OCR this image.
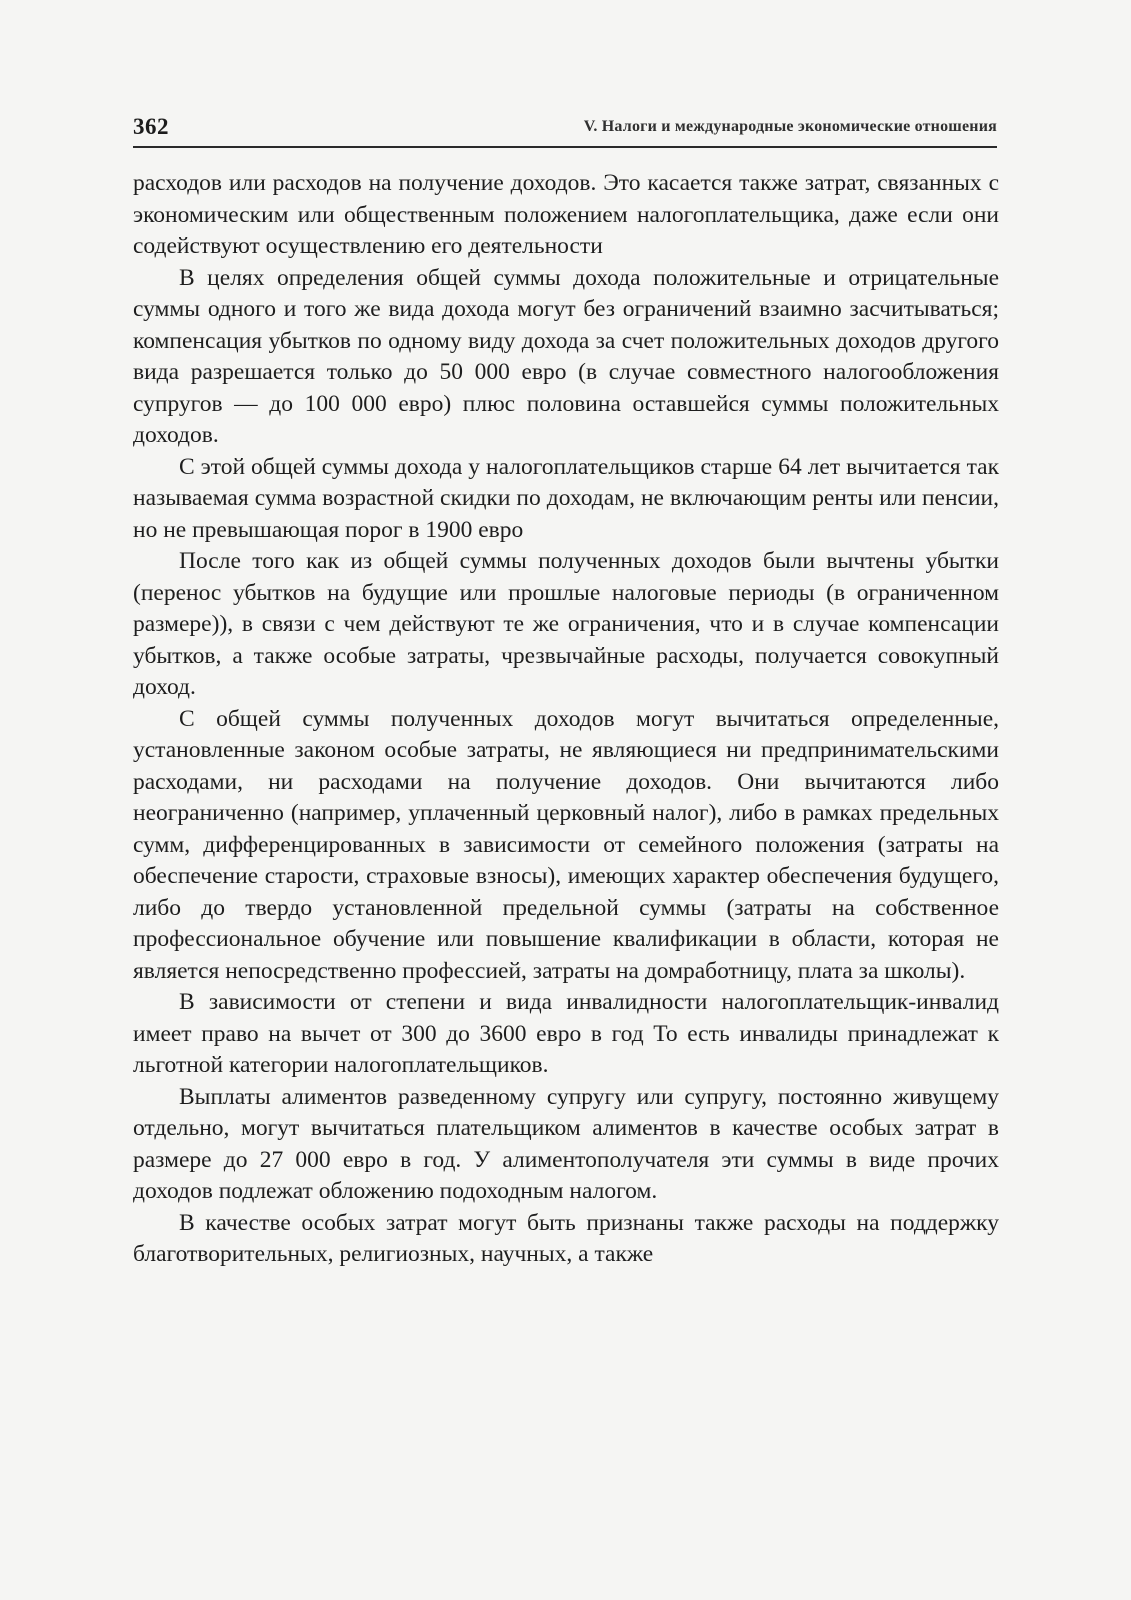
362	V. Налоги и международные экономические отношения

расходов или расходов на получение доходов. Это касается также затрат, связанных с экономическим или общественным положением налогоплательщика, даже если они содействуют осуществлению его деятельности

В целях определения общей суммы дохода положительные и отрицательные суммы одного и того же вида дохода могут без ограничений взаимно засчитываться; компенсация убытков по одному виду дохода за счет положительных доходов другого вида разрешается только до 50 000 евро (в случае совместного налогообложения супругов — до 100 000 евро) плюс половина оставшейся суммы положительных доходов.

С этой общей суммы дохода у налогоплательщиков старше 64 лет вычитается так называемая сумма возрастной скидки по доходам, не включающим ренты или пенсии, но не превышающая порог в 1900 евро

После того как из общей суммы полученных доходов были вычтены убытки (перенос убытков на будущие или прошлые налоговые периоды (в ограниченном размере)), в связи с чем действуют те же ограничения, что и в случае компенсации убытков, а также особые затраты, чрезвычайные расходы, получается совокупный доход.

С общей суммы полученных доходов могут вычитаться определенные, установленные законом особые затраты, не являющиеся ни предпринимательскими расходами, ни расходами на получение доходов. Они вычитаются либо неограниченно (например, уплаченный церковный налог), либо в рамках предельных сумм, дифференцированных в зависимости от семейного положения (затраты на обеспечение старости, страховые взносы), имеющих характер обеспечения будущего, либо до твердо установленной предельной суммы (затраты на собственное профессиональное обучение или повышение квалификации в области, которая не является непосредственно профессией, затраты на домработницу, плата за школы).

В зависимости от степени и вида инвалидности налогоплательщик-инвалид имеет право на вычет от 300 до 3600 евро в год То есть инвалиды принадлежат к льготной категории налогоплательщиков.

Выплаты алиментов разведенному супругу или супругу, постоянно живущему отдельно, могут вычитаться плательщиком алиментов в качестве особых затрат в размере до 27 000 евро в год. У алиментополучателя эти суммы в виде прочих доходов подлежат обложению подоходным налогом.

В качестве особых затрат могут быть признаны также расходы на поддержку благотворительных, религиозных, научных, а также
